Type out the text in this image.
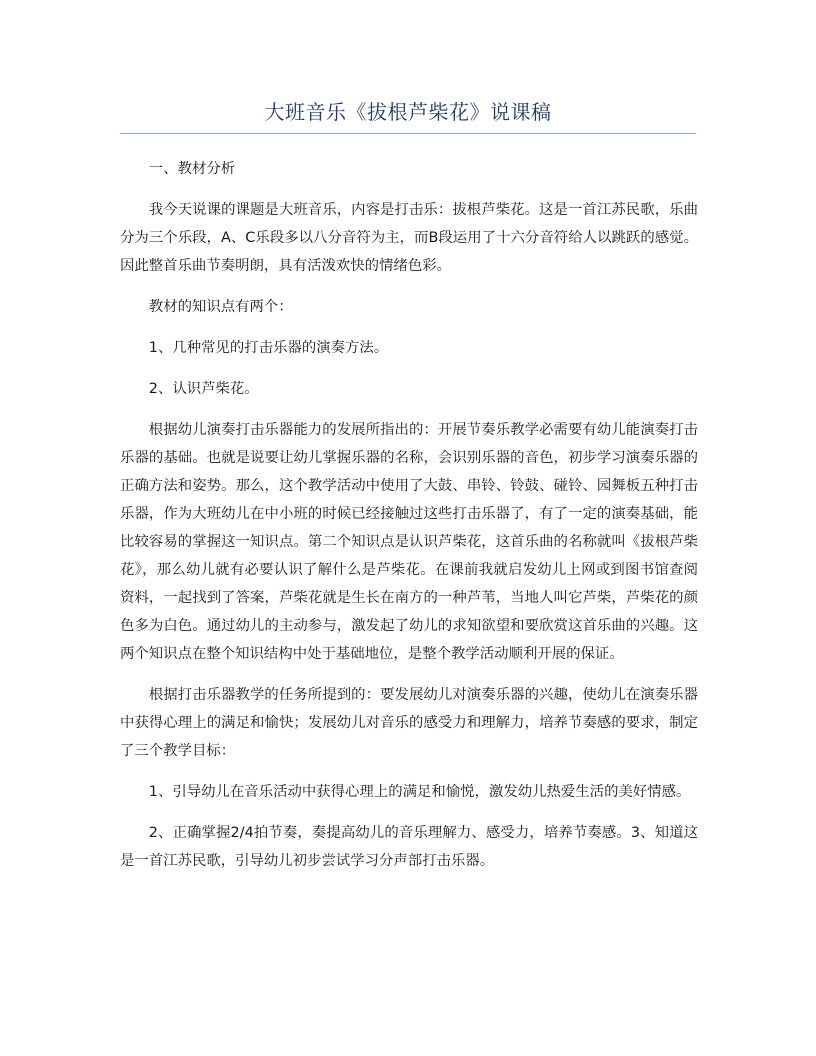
大班音乐《拔根芦柴花》说课稿

一、教材分析

我今天说课的课题是大班音乐，内容是打击乐：拔根芦柴花。这是一首江苏民歌，乐曲分为三个乐段，A、C乐段多以八分音符为主，而B段运用了十六分音符给人以跳跃的感觉。因此整首乐曲节奏明朗，具有活泼欢快的情绪色彩。

教材的知识点有两个：

1、几种常见的打击乐器的演奏方法。

2、认识芦柴花。

根据幼儿演奏打击乐器能力的发展所指出的：开展节奏乐教学必需要有幼儿能演奏打击乐器的基础。也就是说要让幼儿掌握乐器的名称，会识别乐器的音色，初步学习演奏乐器的正确方法和姿势。那么，这个教学活动中使用了大鼓、串铃、铃鼓、碰铃、园舞板五种打击乐器，作为大班幼儿在中小班的时候已经接触过这些打击乐器了，有了一定的演奏基础，能比较容易的掌握这一知识点。第二个知识点是认识芦柴花，这首乐曲的名称就叫《拔根芦柴花》，那么幼儿就有必要认识了解什么是芦柴花。在课前我就启发幼儿上网或到图书馆查阅资料，一起找到了答案，芦柴花就是生长在南方的一种芦苇，当地人叫它芦柴，芦柴花的颜色多为白色。通过幼儿的主动参与，激发起了幼儿的求知欲望和要欣赏这首乐曲的兴趣。这两个知识点在整个知识结构中处于基础地位，是整个教学活动顺利开展的保证。

根据打击乐器教学的任务所提到的：要发展幼儿对演奏乐器的兴趣，使幼儿在演奏乐器中获得心理上的满足和愉快；发展幼儿对音乐的感受力和理解力，培养节奏感的要求，制定了三个教学目标：

1、引导幼儿在音乐活动中获得心理上的满足和愉悦，激发幼儿热爱生活的美好情感。

2、正确掌握2/4拍节奏，奏提高幼儿的音乐理解力、感受力，培养节奏感。3、知道这是一首江苏民歌，引导幼儿初步尝试学习分声部打击乐器。
